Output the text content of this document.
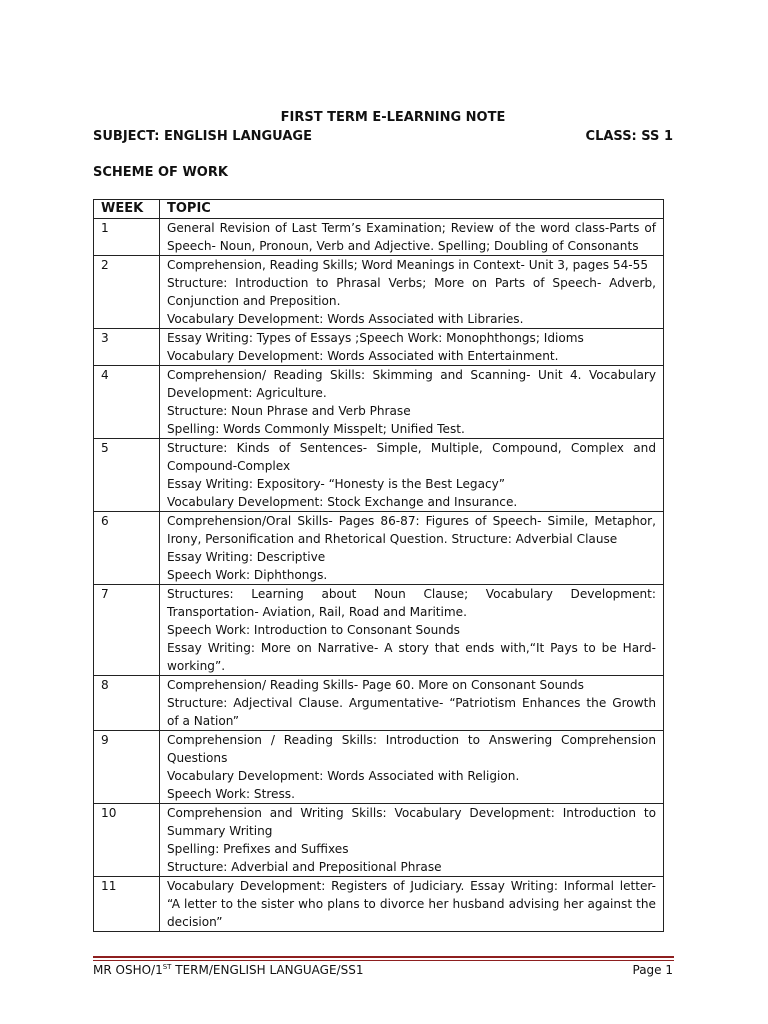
FIRST TERM E-LEARNING NOTE
SUBJECT: ENGLISH LANGUAGE	CLASS: SS 1
SCHEME OF WORK
WEEK	TOPIC
1	General Revision of Last Term’s Examination; Review of the word class-Parts of Speech- Noun, Pronoun, Verb and Adjective. Spelling; Doubling of Consonants

2	Comprehension, Reading Skills; Word Meanings in Context- Unit 3, pages 54-55
Structure: Introduction to Phrasal Verbs; More on Parts of Speech- Adverb, Conjunction and Preposition.
Vocabulary Development: Words Associated with Libraries.

3	Essay Writing: Types of Essays ;Speech Work: Monophthongs; Idioms
Vocabulary Development: Words Associated with Entertainment.

4	Comprehension/ Reading Skills: Skimming and Scanning- Unit 4. Vocabulary Development: Agriculture.
Structure: Noun Phrase and Verb Phrase
Spelling: Words Commonly Misspelt; Unified Test.

5	Structure: Kinds of Sentences- Simple, Multiple, Compound, Complex and Compound-Complex
Essay Writing: Expository- “Honesty is the Best Legacy”
Vocabulary Development: Stock Exchange and Insurance.

6	Comprehension/Oral Skills- Pages 86-87: Figures of Speech- Simile, Metaphor, Irony, Personification and Rhetorical Question. Structure: Adverbial Clause
Essay Writing: Descriptive
Speech Work: Diphthongs.

7	Structures: Learning about Noun Clause; Vocabulary Development: Transportation- Aviation, Rail, Road and Maritime.
Speech Work: Introduction to Consonant Sounds
Essay Writing: More on Narrative- A story that ends with,“It Pays to be Hard-working”.

8	Comprehension/ Reading Skills- Page 60. More on Consonant Sounds
Structure: Adjectival Clause. Argumentative- “Patriotism Enhances the Growth of a Nation”

9	Comprehension / Reading Skills: Introduction to Answering Comprehension Questions
Vocabulary Development: Words Associated with Religion.
Speech Work: Stress.

10	Comprehension and Writing Skills: Vocabulary Development: Introduction to Summary Writing
Spelling: Prefixes and Suffixes
Structure: Adverbial and Prepositional Phrase

11	Vocabulary Development: Registers of Judiciary. Essay Writing: Informal letter- “A letter to the sister who plans to divorce her husband advising her against the decision”
MR OSHO/1ST TERM/ENGLISH LANGUAGE/SS1	Page 1
